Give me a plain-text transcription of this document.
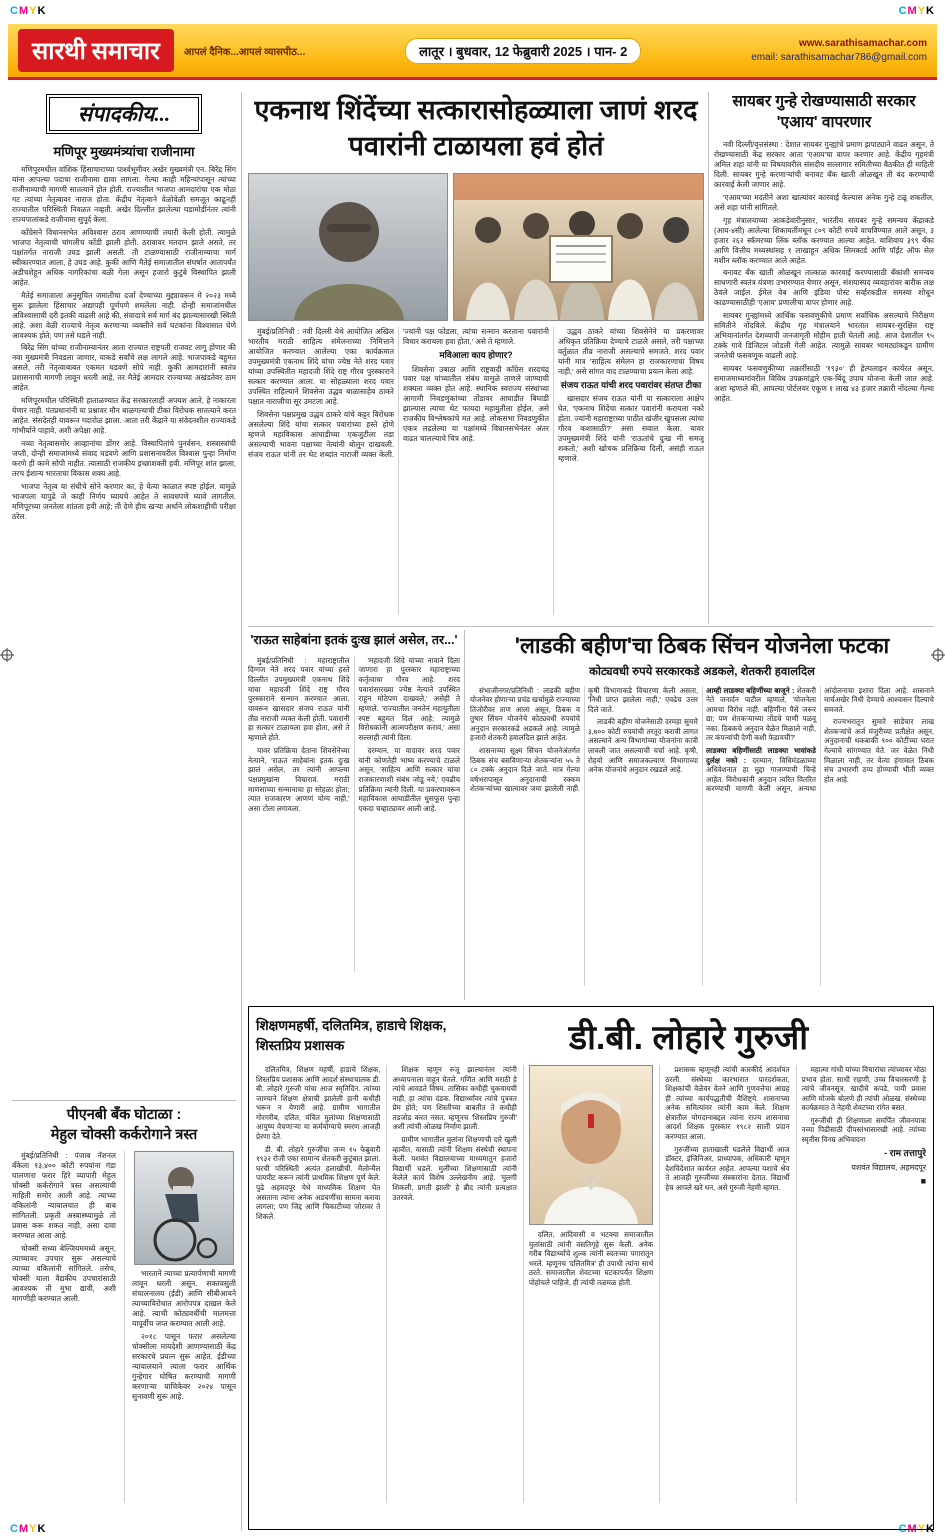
CMYK	CMYK
CMYK	CMYK
सारथी समाचार	आपलं दैनिक...आपलं व्यासपीठ...	लातूर । बुधवार, 12 फेब्रुवारी 2025 । पान- 2
www.sarathisamachar.com
email: sarathisamachar786@gmail.com
संपादकीय...
मणिपूर मुख्यमंत्र्यांचा राजीनामा

मणिपूरमधील वांशिक हिंसाचाराच्या पार्श्वभूमीवर अखेर मुख्यमंत्री एन. बिरेंद्र सिंग यांना आपल्या पदाचा राजीनामा द्यावा लागला. गेल्या काही महिन्यांपासून त्यांच्या राजीनाम्याची मागणी सातत्याने होत होती. राज्यातील भाजपा आमदारांचा एक मोठा गट त्यांच्या नेतृत्वावर नाराज होता. केंद्रीय नेतृत्वाने वेळोवेळी समजूत काढूनही राज्यातील परिस्थिती निवळत नव्हती. अखेर दिल्लीत झालेल्या घडामोडींनंतर त्यांनी राज्यपालांकडे राजीनामा सुपूर्द केला.

काँग्रेसने विधानसभेत अविश्वास ठराव आणण्याची तयारी केली होती. त्यामुळे भाजपा नेतृत्वाची चांगलीच कोंडी झाली होती. ठरावावर मतदान झाले असते, तर पक्षांतर्गत नाराजी उघड झाली असती. ती टाळण्यासाठी राजीनाम्याचा मार्ग स्वीकारण्यात आला, हे उघड आहे. कुकी आणि मैतेई समाजातील संघर्षात आतापर्यंत अडीचशेहून अधिक नागरिकांचा बळी गेला असून हजारो कुटुंबे विस्थापित झाली आहेत.

मैतेई समाजाला अनुसूचित जमातीचा दर्जा देण्याच्या मुद्द्यावरून मे २०२३ मध्ये सुरू झालेला हिंसाचार अद्यापही पूर्णपणे शमलेला नाही. दोन्ही समाजांमधील अविश्वासाची दरी इतकी वाढली आहे की, संवादाचे सर्व मार्ग बंद झाल्यासारखी स्थिती आहे. अशा वेळी राज्याचे नेतृत्व करणाऱ्या व्यक्तीने सर्व घटकांना विश्वासात घेणे आवश्यक होते; पण तसे घडले नाही.

बिरेंद्र सिंग यांच्या राजीनाम्यानंतर आता राज्यात राष्ट्रपती राजवट लागू होणार की नवा मुख्यमंत्री निवडला जाणार, याकडे सर्वांचे लक्ष लागले आहे. भाजपाकडे बहुमत असले, तरी नेतृत्वाबाबत एकमत घडवणे सोपे नाही. कुकी आमदारांनी स्वतंत्र प्रशासनाची मागणी लावून धरली आहे, तर मैतेई आमदार राज्याच्या अखंडतेवर ठाम आहेत.

मणिपूरमधील परिस्थिती हाताळण्यात केंद्र सरकारलाही अपयश आले, हे नाकारता येणार नाही. पंतप्रधानांनी या प्रश्नावर मौन बाळगल्याची टीका विरोधक सातत्याने करत आहेत. संसदेतही यावरून गदारोळ झाला. आता तरी केंद्राने या संवेदनशील राज्याकडे गांभीर्याने पाहावे, अशी अपेक्षा आहे.

नव्या नेतृत्वासमोर आव्हानांचा डोंगर आहे. विस्थापितांचे पुनर्वसन, शस्त्रास्त्रांची जप्ती, दोन्ही समाजांमध्ये संवाद घडवणे आणि प्रशासनावरील विश्वास पुन्हा निर्माण करणे ही कामे सोपी नाहीत. त्यासाठी राजकीय इच्छाशक्ती हवी. मणिपूर शांत झाला, तरच ईशान्य भारताचा विकास शक्य आहे.

भाजपा नेतृत्व या संधीचे सोने करणार का, हे येत्या काळात स्पष्ट होईल. यामुळे भाजपला यापुढे जे काही निर्णय घ्यायचे आहेत ते सावधपणे घ्यावे लागतील. मणिपूरच्या जनतेला शांतता हवी आहे; ती देणे हीच खऱ्या अर्थाने लोकशाहीची परीक्षा ठरेल.

एकनाथ शिंदेंच्या सत्कारासोहळ्याला जाणं शरद पवारांनी टाळायला हवं होतं

मुंबई/प्रतिनिधी : नवी दिल्ली येथे आयोजित अखिल भारतीय मराठी साहित्य संमेलनाच्या निमित्ताने आयोजित करण्यात आलेल्या एका कार्यक्रमात उपमुख्यमंत्री एकनाथ शिंदे यांचा ज्येष्ठ नेते शरद पवार यांच्या उपस्थितीत महादजी शिंदे राष्ट्र गौरव पुरस्काराने सत्कार करण्यात आला. या सोहळ्याला शरद पवार उपस्थित राहिल्याने शिवसेना उद्धव बाळासाहेब ठाकरे पक्षात नाराजीचा सूर उमटला आहे.

शिवसेना पक्षप्रमुख उद्धव ठाकरे यांचे कट्टर विरोधक असलेल्या शिंदे यांचा सत्कार पवारांच्या हस्ते होणे म्हणजे महाविकास आघाडीच्या एकजुटीला तडा असल्याची भावना पक्षाच्या नेत्यांनी बोलून दाखवली. संजय राऊत यांनी तर थेट शब्दांत नाराजी व्यक्त केली. 'ज्यांनी पक्ष फोडला, त्यांचा सन्मान करताना पवारांनी विचार करायला हवा होता,' असे ते म्हणाले.

मविआला काय होणार?

शिवसेना उबाठा आणि राष्ट्रवादी काँग्रेस शरदचंद्र पवार पक्ष यांच्यातील संबंध यामुळे ताणले जाण्याची शक्यता व्यक्त होत आहे. स्थानिक स्वराज्य संस्थांच्या आगामी निवडणुकांच्या तोंडावर आघाडीत बिघाडी झाल्यास त्याचा थेट फायदा महायुतीला होईल, असे राजकीय विश्लेषकांचे मत आहे. लोकसभा निवडणुकीत एकत्र लढलेल्या या पक्षांमध्ये विधानसभेनंतर अंतर वाढत चालल्याचे चित्र आहे.

उद्धव ठाकरे यांच्या शिवसेनेने या प्रकरणावर अधिकृत प्रतिक्रिया देण्याचे टाळले असले, तरी पक्षाच्या वर्तुळात तीव्र नाराजी असल्याचे समजते. शरद पवार यांनी मात्र 'साहित्य संमेलन हा राजकारणाचा विषय नाही,' असे सांगत वाद टाळण्याचा प्रयत्न केला आहे.

संजय राऊत यांची शरद पवारांवर संतप्त टीका

खासदार संजय राऊत यांनी या सत्काराला आक्षेप घेत, 'एकनाथ शिंदेंचा सत्कार पवारांनी करायला नको होता. ज्यांनी महाराष्ट्राच्या पाठीत खंजीर खुपसला त्यांचा गौरव कशासाठी?' असा सवाल केला. यावर उपमुख्यमंत्री शिंदे यांनी 'राऊतांचे दुःख मी समजू शकतो,' अशी खोचक प्रतिक्रिया दिली, असंही राऊत म्हणाले.

सायबर गुन्हे रोखण्यासाठी सरकार 'एआय' वापरणार

नवी दिल्ली/वृत्तसंस्था : देशात सायबर गुन्ह्यांचे प्रमाण झपाट्याने वाढत असून, ते रोखण्यासाठी केंद्र सरकार आता 'एआय'चा वापर करणार आहे. केंद्रीय गृहमंत्री अमित शहा यांनी या विषयावरील संसदीय सल्लागार समितीच्या बैठकीत ही माहिती दिली. सायबर गुन्हे करणाऱ्यांची बनावट बँक खाती ओळखून ती बंद करण्याची कारवाई केली जाणार आहे.

'एआय'च्या मदतीने अशा खात्यांवर कारवाई केल्यास अनेक गुन्हे टळू शकतील, असे शहा यांनी सांगितले.

गृह मंत्रालयाच्या आकडेवारीनुसार, भारतीय सायबर गुन्हे समन्वय केंद्राकडे (आय-४सी) आलेल्या शिकायतींमधून ८०९ कोटी रुपये वाचविण्यात आले असून, ३ हजार २६२ स्कॅमरच्या लिंक ब्लॉक करण्यात आल्या आहेत. याशिवाय ३९९ बँका आणि वित्तीय मध्यस्थांसह १ लाखाहून अधिक सिमकार्ड आणि पॉईंट ऑफ सेल मशीन ब्लॉक करण्यात आले आहेत.

बनावट बँक खाती ओळखून तात्काळ कारवाई करण्यासाठी बँकांशी समन्वय साधणारी स्वतंत्र यंत्रणा उभारण्यात येणार असून, संशयास्पद व्यवहारांवर बारीक लक्ष ठेवले जाईल. ईमेल वेब आणि इंडिया पोस्ट सर्व्हरकडील समस्या शोधून काढण्यासाठीही 'एआय' प्रणालीचा वापर होणार आहे.

सायबर गुन्ह्यांमध्ये आर्थिक फसवणुकीचे प्रमाण सर्वाधिक असल्याचे निरीक्षण समितीने नोंदविले. केंद्रीय गृह मंत्रालयाने भारतात सायबर-सुरक्षित राष्ट्र अभियानांतर्गत देशव्यापी जनजागृती मोहीम हाती घेतली आहे. आज देशातील ९५ टक्के गावे डिजिटल जोडली गेली आहेत. त्यामुळे सायबर भामट्यांकडून ग्रामीण जनतेची फसवणूक वाढली आहे.

सायबर फसवणुकीच्या तक्रारींसाठी '१९३०' ही हेल्पलाइन कार्यरत असून, समाजमाध्यमांवरील विविध उपक्रमांद्वारे एक-बिंदू उपाय योजना केली जात आहे. अशा म्हणाले की, आपल्या पोर्टलवर एकूण १ लाख ४३ हजार तक्रारी नोंदल्या गेल्या आहेत.

'राऊत साहेबांना इतकं दुःख झालं असेल, तर...'

मुंबई/प्रतिनिधी : महाराष्ट्रातील दिग्गज नेते शरद पवार यांच्या हस्ते दिल्लीत उपमुख्यमंत्री एकनाथ शिंदे यांचा महादजी शिंदे राष्ट्र गौरव पुरस्काराने सन्मान करण्यात आला. यावरून खासदार संजय राऊत यांनी तीव्र नाराजी व्यक्त केली होती. पवारांनी हा सत्कार टाळायला हवा होता, असे ते म्हणाले होते.

यावर प्रतिक्रिया देताना शिवसेनेच्या नेत्याने, 'राऊत साहेबांना इतकं दुःख झालं असेल, तर त्यांनी आपल्या पक्षप्रमुखांना विचारावं. मराठी माणसाच्या सन्मानाचा हा सोहळा होता; त्यात राजकारण आणणं योग्य नाही,' असा टोला लगावला.

'महादजी शिंदे यांच्या नावाने दिला जाणारा हा पुरस्कार महाराष्ट्राच्या कर्तृत्वाचा गौरव आहे. शरद पवारांसारख्या ज्येष्ठ नेत्याने उपस्थित राहून मोठेपण दाखवले,' असेही ते म्हणाले. 'राज्यातील जनतेनं महायुतीला स्पष्ट बहुमत दिलं आहे; त्यामुळे विरोधकांनी आत्मपरीक्षण करावं,' असा सल्लाही त्यांनी दिला.

दरम्यान, या वादावर शरद पवार यांनी कोणतेही भाष्य करण्याचे टाळले असून, 'साहित्य आणि सत्कार यांचा राजकारणाशी संबंध जोडू नये,' एवढीच प्रतिक्रिया त्यांनी दिली. या प्रकरणावरून महाविकास आघाडीतील धुसफूस पुन्हा एकदा चव्हाट्यावर आली आहे.

'लाडकी बहीण'चा ठिबक सिंचन योजनेला फटका
कोट्यवधी रुपये सरकारकडे अडकले, शेतकरी हवालदिल

संभाजीनगर/प्रतिनिधी : लाडकी बहीण योजनेवर होणाऱ्या प्रचंड खर्चामुळे राज्याच्या तिजोरीवर ताण आला असून, ठिबक व तुषार सिंचन योजनेचे कोट्यवधी रुपयांचे अनुदान सरकारकडे अडकले आहे. त्यामुळे हजारो शेतकरी हवालदिल झाले आहेत.

शासनाच्या सूक्ष्म सिंचन योजनेअंतर्गत ठिबक संच बसविणाऱ्या शेतकऱ्यांना ५५ ते ८० टक्के अनुदान दिले जाते. मात्र गेल्या वर्षभरापासून अनुदानाची रक्कम शेतकऱ्यांच्या खात्यावर जमा झालेली नाही. कृषी विभागाकडे विचारणा केली असता, 'निधी प्राप्त झालेला नाही,' एवढेच उत्तर दिले जाते.

लाडकी बहीण योजनेसाठी दरमहा सुमारे ३,७०० कोटी रुपयांची तरतूद करावी लागत असल्याने अन्य विभागांच्या योजनांना कात्री लावली जात असल्याची चर्चा आहे. कृषी, रोहयो आणि समाजकल्याण विभागाच्या अनेक योजनांचे अनुदान रखडले आहे.

आम्ही लाडक्या बहिणींच्या बाजूने : शेतकरी नेते जनार्दन पाटील म्हणाले, 'योजनेला आमचा विरोध नाही. बहिणींना पैसे जरूर द्या; पण शेतकऱ्याच्या तोंडचे पाणी पळवू नका. ठिबकचे अनुदान वेळेत मिळाले नाही, तर कंपन्यांची देणी कशी फेडायची?'

लाडक्या बहिणींसाठी लाडक्या भावांकडे दुर्लक्ष नको : दरम्यान, विधिमंडळाच्या अधिवेशनात हा मुद्दा गाजण्याची चिन्हे आहेत. विरोधकांनी अनुदान त्वरित वितरित करण्याची मागणी केली असून, अन्यथा आंदोलनाचा इशारा दिला आहे. शासनाने मार्चअखेर निधी देण्याचे आश्वासन दिल्याचे समजते.

राज्यभरातून सुमारे साडेचार लाख शेतकऱ्यांचे अर्ज मंजुरीच्या प्रतीक्षेत असून, अनुदानाची थकबाकी ९०० कोटींच्या घरात गेल्याचे सांगण्यात येते. जर वेळेत निधी मिळाला नाही, तर येत्या हंगामात ठिबक संच उभारणी ठप्प होण्याची भीती व्यक्त होत आहे.

पीएनबी बँक घोटाळा :
मेहुल चोक्सी कर्करोगाने त्रस्त

मुंबई/प्रतिनिधी : पंजाब नॅशनल बँकेला १३,४०० कोटी रुपयांना गंडा घालणारा फरार हिरे व्यापारी मेहुल चोक्सी कर्करोगाने त्रस्त असल्याची माहिती समोर आली आहे. त्याच्या वकिलांनी न्यायालयात ही बाब सांगितली. प्रकृती अस्वास्थ्यामुळे तो प्रवास करू शकत नाही, असा दावा करण्यात आला आहे.

चोक्सी सध्या बेल्जियममध्ये असून, त्याच्यावर उपचार सुरू असल्याचे त्याच्या वकिलांनी सांगितले. तसेच, चोक्सी याला वैद्यकीय उपचारांसाठी आवश्यक ती मुभा द्यावी, अशी मागणीही करण्यात आली.

भारताने त्याच्या प्रत्यार्पणाची मागणी लावून धरली असून, सक्तवसुली संचालनालय (ईडी) आणि सीबीआयने त्याच्याविरोधात आरोपपत्र दाखल केले आहे. त्याची कोट्यवधींची मालमत्ता यापूर्वीच जप्त करण्यात आली आहे.

२०१८ पासून फरार असलेल्या चोक्सीला मायदेशी आणण्यासाठी केंद्र सरकारचे प्रयत्न सुरू आहेत. ईडीच्या न्यायालयाने त्याला फरार आर्थिक गुन्हेगार घोषित करण्याची मागणी करणाऱ्या याचिकेवर २०२४ पासून सुनावणी सुरू आहे.

शिक्षणमहर्षी, दलितमित्र, हाडाचे शिक्षक, शिस्तप्रिय प्रशासक	डी.बी. लोहारे गुरुजी

दलितमित्र, शिक्षण महर्षी, हाडाचे शिक्षक, शिस्तप्रिय प्रशासक आणि आदर्श संस्थाचालक डी. बी. लोहारे गुरुजी यांचा आज स्मृतिदिन. त्यांच्या जाण्याने शिक्षण क्षेत्राची झालेली हानी कधीही भरून न येणारी आहे. ग्रामीण भागातील गोरगरीब, दलित, वंचित मुलांच्या शिक्षणासाठी आयुष्य वेचणाऱ्या या कर्मयोग्याचे स्मरण आजही प्रेरणा देते.

डी. बी. लोहारे गुरुजींचा जन्म १५ फेब्रुवारी १९३२ रोजी एका सामान्य शेतकरी कुटुंबात झाला. घरची परिस्थिती अत्यंत हलाखीची. मैलोन्मैल पायपीट करून त्यांनी प्राथमिक शिक्षण पूर्ण केले. पुढे अहमदपूर येथे माध्यमिक शिक्षण घेत असताना त्यांना अनेक अडचणींचा सामना करावा लागला; पण जिद्द आणि चिकाटीच्या जोरावर ते शिकले.

शिक्षक म्हणून रुजू झाल्यानंतर त्यांनी अध्यापनाला वाहून घेतले. गणित आणि मराठी हे त्यांचे आवडते विषय. तासिका कधीही चुकवायची नाही, हा त्यांचा दंडक. विद्यार्थ्यांवर त्यांचे पुत्रवत प्रेम होते; पण शिस्तीच्या बाबतीत ते कधीही तडजोड करत नसत. म्हणूनच 'शिस्तप्रिय गुरुजी' अशी त्यांची ओळख निर्माण झाली.

ग्रामीण भागातील मुलांना शिक्षणाची दारे खुली व्हावीत, यासाठी त्यांनी शिक्षण संस्थेची स्थापना केली. यशवंत विद्यालयाच्या माध्यमातून हजारो विद्यार्थी घडले. मुलींच्या शिक्षणासाठी त्यांनी केलेले कार्य विशेष उल्लेखनीय आहे. 'मुलगी शिकली, प्रगती झाली' हे ब्रीद त्यांनी प्रत्यक्षात उतरवले.

दलित, आदिवासी व भटक्या समाजातील मुलांसाठी त्यांनी वसतिगृहे सुरू केली. अनेक गरीब विद्यार्थ्यांचे शुल्क त्यांनी स्वतःच्या पगारातून भरले. म्हणूनच 'दलितमित्र' ही उपाधी त्यांना सार्थ ठरते. समाजातील शेवटच्या घटकापर्यंत शिक्षण पोहोचले पाहिजे, ही त्यांची तळमळ होती.

प्रशासक म्हणूनही त्यांची कारकीर्द आदर्शवत ठरली. संस्थेच्या कारभारात पारदर्शकता, शिक्षकांची वेळेवर वेतने आणि गुणवत्तेचा आग्रह ही त्यांच्या कार्यपद्धतीची वैशिष्ट्ये. शासनाच्या अनेक समित्यांवर त्यांनी काम केले. शिक्षण क्षेत्रातील योगदानाबद्दल त्यांना राज्य शासनाचा आदर्श शिक्षक पुरस्कार १९८२ साली प्रदान करण्यात आला.

गुरुजींच्या हाताखाली घडलेले विद्यार्थी आज डॉक्टर, इंजिनिअर, प्राध्यापक, अधिकारी म्हणून देशविदेशात कार्यरत आहेत. आपल्या यशाचे श्रेय ते आजही गुरुजींच्या संस्कारांना देतात. विद्यार्थी हेच आपले खरे धन, असे गुरुजी नेहमी म्हणत.

महात्मा गांधी यांच्या विचारांचा त्यांच्यावर मोठा प्रभाव होता. साधी राहणी, उच्च विचारसरणी हे त्यांचे जीवनसूत्र. खादीचे कपडे, पायी प्रवास आणि मोजके बोलणे ही त्यांची ओळख. संस्थेच्या कार्यक्रमात ते नेहमी शेवटच्या रांगेत बसत.

गुरुजींची ही शिक्षणाला समर्पित जीवनयात्रा नव्या पिढीसाठी दीपस्तंभासारखी आहे. त्यांच्या स्मृतीस विनम्र अभिवादन!

- राम तत्तापुरे

यशवंत विद्यालय, अहमदपूर

■
